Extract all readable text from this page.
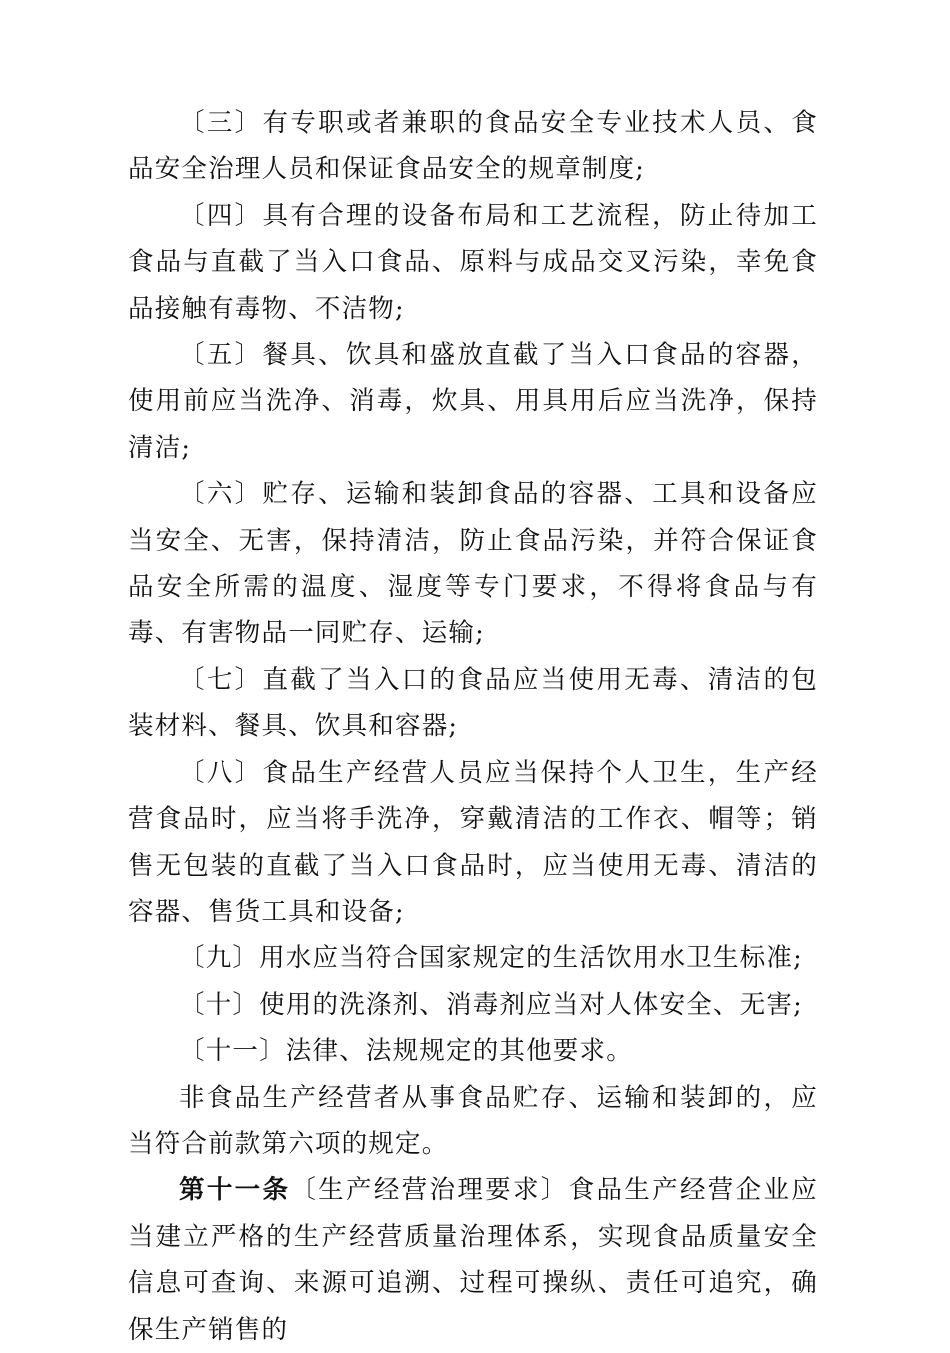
〔三〕有专职或者兼职的食品安全专业技术人员、食品安全治理人员和保证食品安全的规章制度;

〔四〕具有合理的设备布局和工艺流程，防止待加工食品与直截了当入口食品、原料与成品交叉污染，幸免食品接触有毒物、不洁物;

〔五〕餐具、饮具和盛放直截了当入口食品的容器，使用前应当洗净、消毒，炊具、用具用后应当洗净，保持清洁;

〔六〕贮存、运输和装卸食品的容器、工具和设备应当安全、无害，保持清洁，防止食品污染，并符合保证食品安全所需的温度、湿度等专门要求，不得将食品与有毒、有害物品一同贮存、运输;

〔七〕直截了当入口的食品应当使用无毒、清洁的包装材料、餐具、饮具和容器;

〔八〕食品生产经营人员应当保持个人卫生，生产经营食品时，应当将手洗净，穿戴清洁的工作衣、帽等；销售无包装的直截了当入口食品时，应当使用无毒、清洁的容器、售货工具和设备;

〔九〕用水应当符合国家规定的生活饮用水卫生标准;

〔十〕使用的洗涤剂、消毒剂应当对人体安全、无害;

〔十一〕法律、法规规定的其他要求。

非食品生产经营者从事食品贮存、运输和装卸的，应当符合前款第六项的规定。

第十一条〔生产经营治理要求〕食品生产经营企业应当建立严格的生产经营质量治理体系，实现食品质量安全信息可查询、来源可追溯、过程可操纵、责任可追究，确保生产销售的
